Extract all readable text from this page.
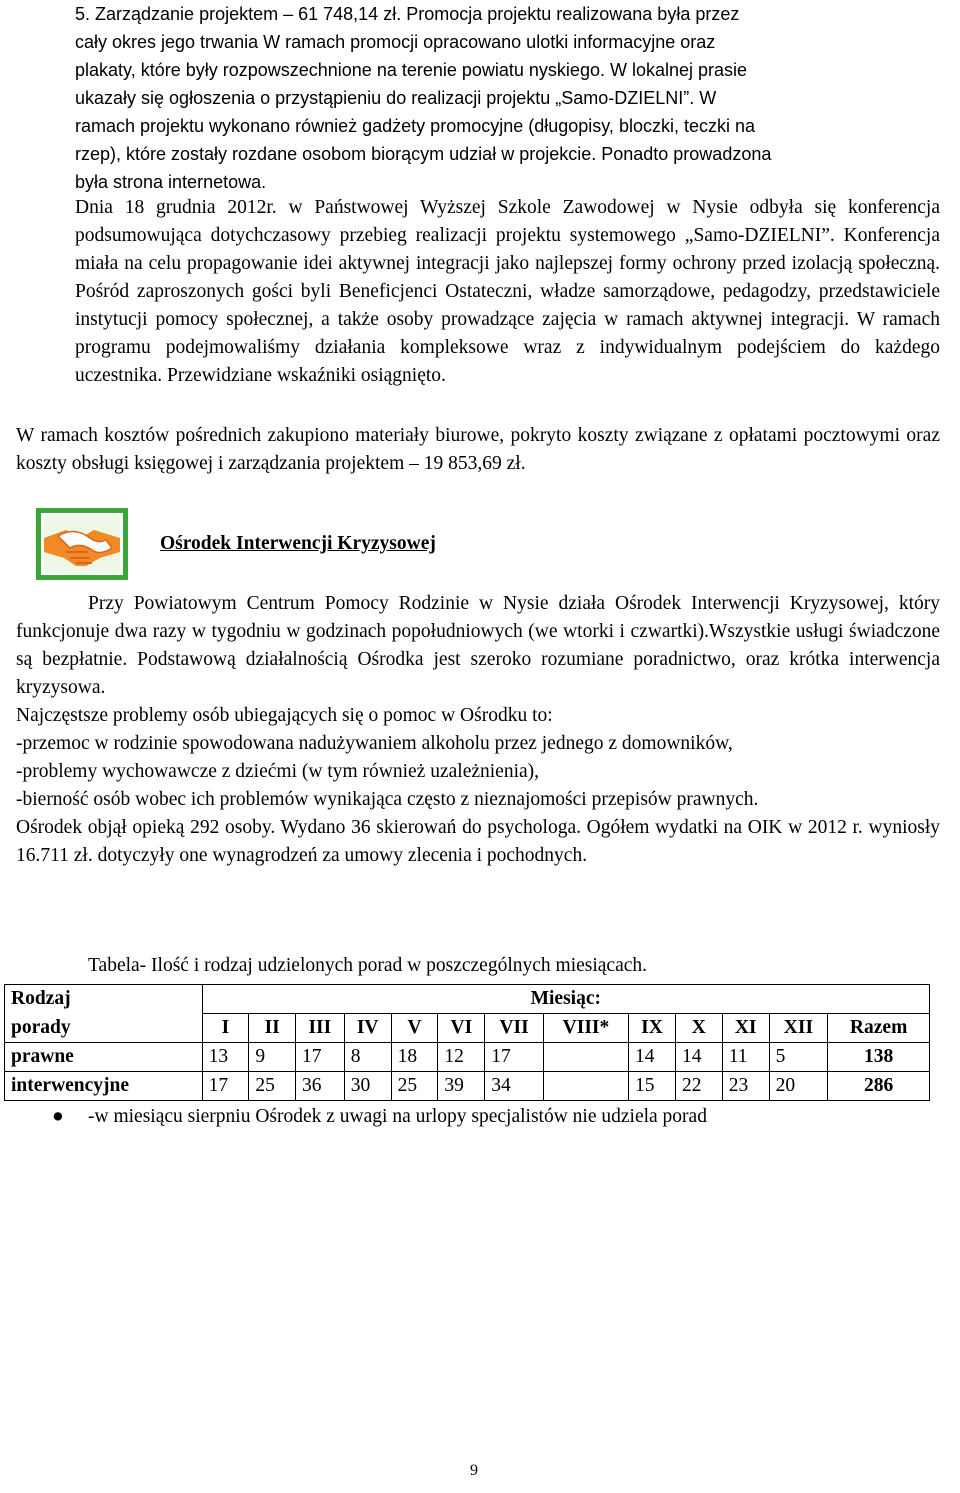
5. Zarządzanie projektem – 61 748,14 zł. Promocja projektu realizowana była przez
cały okres jego trwania W ramach promocji opracowano ulotki informacyjne oraz
plakaty, które były rozpowszechnione na terenie powiatu nyskiego. W lokalnej prasie
ukazały się ogłoszenia o przystąpieniu do realizacji projektu „Samo-DZIELNI”. W
ramach projektu wykonano również gadżety promocyjne (długopisy, bloczki, teczki na
rzep), które zostały rozdane osobom biorącym udział w projekcie. Ponadto prowadzona
była strona internetowa.

Dnia 18 grudnia 2012r. w Państwowej Wyższej Szkole Zawodowej w Nysie odbyła się konferencja podsumowująca dotychczasowy przebieg realizacji projektu systemowego „Samo-DZIELNI”. Konferencja miała na celu propagowanie idei aktywnej integracji jako najlepszej formy ochrony przed izolacją społeczną. Pośród zaproszonych gości byli Beneficjenci Ostateczni, władze samorządowe, pedagodzy, przedstawiciele instytucji pomocy społecznej, a także osoby prowadzące zajęcia w ramach aktywnej integracji. W ramach programu podejmowaliśmy działania kompleksowe wraz z indywidualnym podejściem do każdego uczestnika. Przewidziane wskaźniki osiągnięto.

W ramach kosztów pośrednich zakupiono materiały biurowe, pokryto koszty związane z opłatami pocztowymi oraz koszty obsługi księgowej i zarządzania projektem – 19 853,69 zł.

Ośrodek Interwencji Kryzysowej
Przy Powiatowym Centrum Pomocy Rodzinie w Nysie działa Ośrodek Interwencji Kryzysowej, który funkcjonuje dwa razy w tygodniu w godzinach popołudniowych (we wtorki i czwartki).Wszystkie usługi świadczone są bezpłatnie. Podstawową działalnością Ośrodka jest szeroko rozumiane poradnictwo, oraz krótka interwencja kryzysowa.
Najczęstsze problemy osób ubiegających się o pomoc w Ośrodku to:
-przemoc w rodzinie spowodowana nadużywaniem alkoholu przez jednego z domowników,
-problemy wychowawcze z dziećmi (w tym również uzależnienia),
-bierność osób wobec ich problemów wynikająca często z nieznajomości przepisów prawnych.
Ośrodek objął opieką 292 osoby. Wydano 36 skierowań do psychologa. Ogółem wydatki na OIK w 2012 r. wyniosły 16.711 zł. dotyczyły one wynagrodzeń za umowy zlecenia i pochodnych.
Tabela- Ilość i rodzaj udzielonych porad w poszczególnych miesiącach.
Rodzaj	Miesiąc:												
porady	I	II	III	IV	V	VI	VII	VIII*	IX	X	XI	XII	Razem
prawne	13	9	17	8	18	12	17		14	14	11	5	138
interwencyjne	17	25	36	30	25	39	34		15	22	23	20	286
● -w miesiącu sierpniu Ośrodek z uwagi na urlopy specjalistów nie udziela porad
9
